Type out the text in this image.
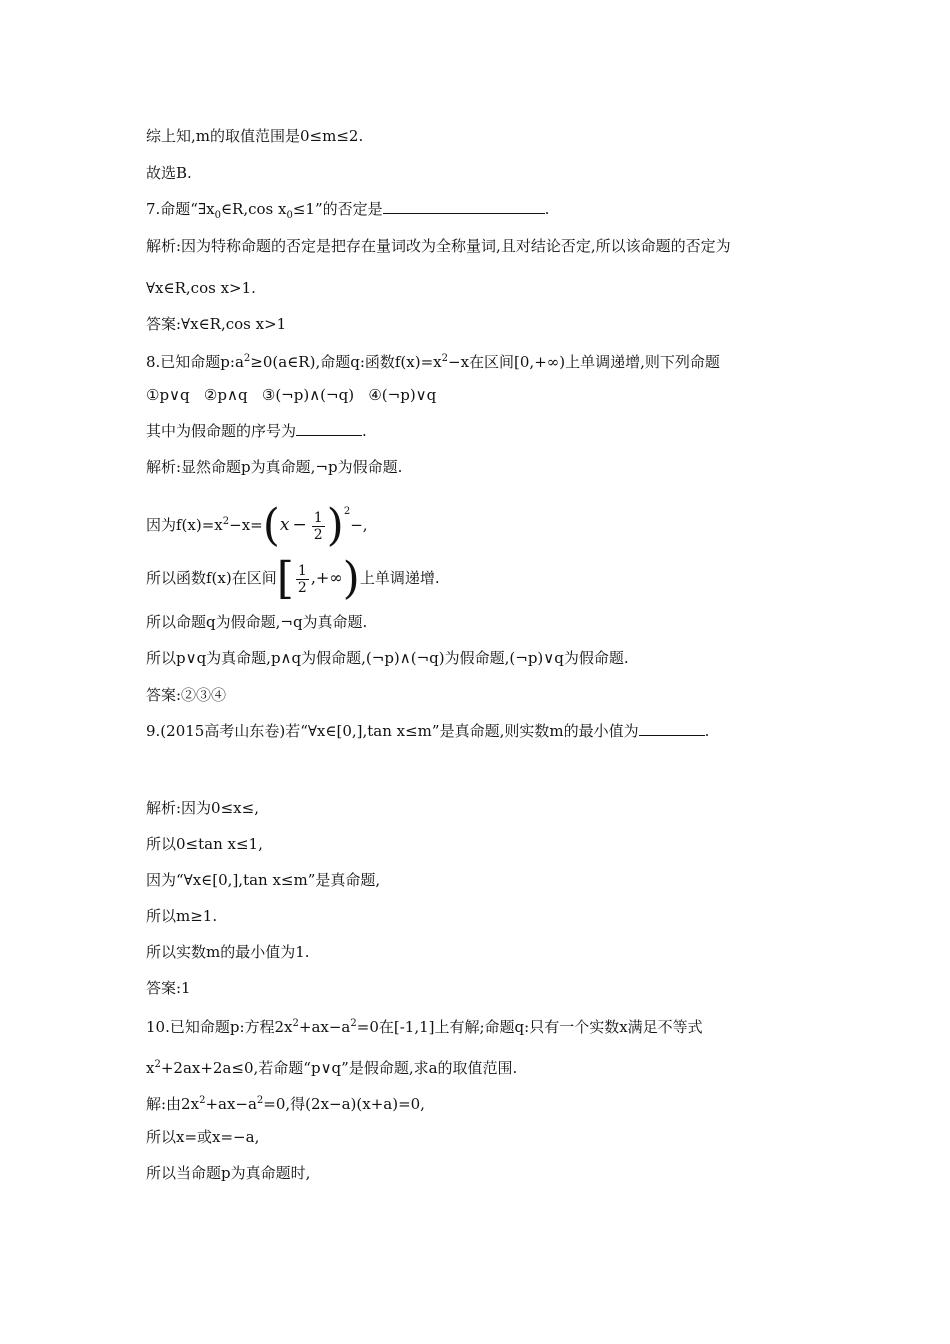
综上知,m的取值范围是0≤m≤2.
故选B.
7.命题“$\exists x_0\in R,\cos$ $x_0\le 1$”的否定是	.
解析:因为特称命题的否定是把存在量词改为全称量词,且对结论否定,所以该命题的否定为
∀x∈R,cos x>1.
答案:∀x∈R,cos x>1
8.已知命题$p:a^2\ge 0(a\in R)$,命题q:函数$f(x)=x^2-x$在区间[0,+∞)上单调递增,则下列命题
①p∨q   ②p∧q   ③(¬p)∧(¬q)   ④(¬p)∨q
其中为假命题的序号为	.
解析:显然命题p为真命题,¬p为假命题.
因为$f(x)=x^2-x=(x - \frac{1}{2} )^2-$,
所以函数f(x)在区间[ $\frac{1}{2}$ ,+∞)上单调递增.
所以命题q为假命题,¬q为真命题.
所以p∨q为真命题,p∧q为假命题,(¬p)∧(¬q)为假命题,(¬p)∨q为假命题.
答案:②③④
9.(2015高考山东卷)若“∀x∈[0,],tan x≤m”是真命题,则实数m的最小值为	.
解析:因为0≤x≤,
所以0≤tan x≤1,
因为“∀x∈[0,],tan x≤m”是真命题,
所以m≥1.
所以实数m的最小值为1.
答案:1
10.已知命题p:方程$2x^2+ax-a^2=0$在[-1,1]上有解;命题q:只有一个实数x满足不等式
$x^2+2ax+2a\le 0$,若命题“p∨q”是假命题,求a的取值范围.
解:由$2x^2+ax-a^2=0$,得(2x−a)(x+a)=0,
所以x=或x=−a,
所以当命题p为真命题时,
